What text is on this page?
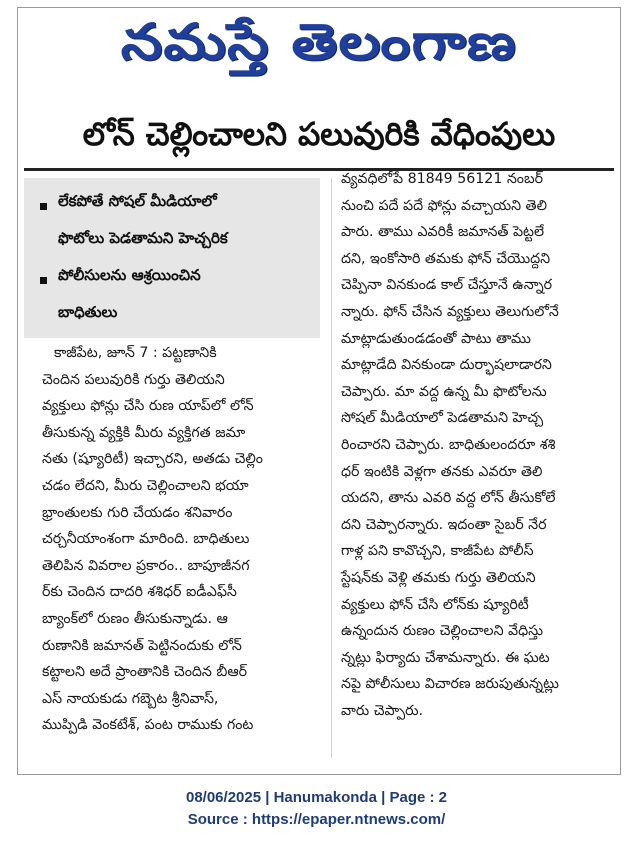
నమస్తే తెలంగాణ
లోన్ చెల్లించాలని పలువురికి వేధింపులు
లేకపోతే సోషల్ మీడియాలో
ఫొటోలు పెడతామని హెచ్చరిక
పోలీసులను ఆశ్రయించిన
బాధితులు
కాజీపేట, జూన్ 7 : పట్టణానికి
చెందిన పలువురికి గుర్తు తెలియని
వ్యక్తులు ఫోన్లు చేసి రుణ యాప్‌లో లోన్
తీసుకున్న వ్యక్తికి మీరు వ్యక్తిగత జమా
నతు (ష్యూరిటీ) ఇచ్చారని, అతడు చెల్లిం
చడం లేదని, మీరు చెల్లించాలని భయా
భ్రాంతులకు గురి చేయడం శనివారం
చర్చనీయాంశంగా మారింది. బాధితులు
తెలిపిన వివరాల ప్రకారం.. బాపూజీనగ
ర్‌కు చెందిన దాదరి శశిధర్ ఐడీఎఫ్‌సీ
బ్యాంక్‌లో రుణం తీసుకున్నాడు. ఆ
రుణానికి జమానత్ పెట్టినందుకు లోన్
కట్టాలని అదే ప్రాంతానికి చెందిన బీఆర్
ఎస్ నాయకుడు గబ్బెట శ్రీనివాస్,
ముప్పిడి వెంకటేశ్, పంట రాముకు గంట
వ్యవధిలోపే 81849 56121 నంబర్
నుంచి పదే పదే ఫోన్లు వచ్చాయని తెలి
పారు. తాము ఎవరికీ జమానత్ పెట్టలే
దని, ఇంకోసారి తమకు ఫోన్ చేయొద్దని
చెప్పినా వినకుండ కాల్ చేస్తూనే ఉన్నార
న్నారు. ఫోన్ చేసిన వ్యక్తులు తెలుగులోనే
మాట్లాడుతుండడంతో పాటు తాము
మాట్లాడేది వినకుండా దుర్భాషలాడారని
చెప్పారు. మా వద్ద ఉన్న మీ ఫొటోలను
సోషల్ మీడియాలో పెడతామని హెచ్చ
రించారని చెప్పారు. బాధితులందరూ శశి
ధర్ ఇంటికి వెళ్లగా తనకు ఎవరూ తెలి
యదని, తాను ఎవరి వద్ద లోన్ తీసుకోలే
దని చెప్పారన్నారు. ఇదంతా సైబర్ నేర
గాళ్ల పని కావొచ్చని, కాజీపేట పోలీస్
స్టేషన్‌కు వెళ్లి తమకు గుర్తు తెలియని
వ్యక్తులు ఫోన్ చేసి లోన్‌కు ష్యూరిటీ
ఉన్నందున రుణం చెల్లించాలని వేధిస్తు
న్నట్లు ఫిర్యాదు చేశామన్నారు. ఈ ఘట
నపై పోలీసులు విచారణ జరుపుతున్నట్లు
వారు చెప్పారు.
08/06/2025 | Hanumakonda | Page : 2
Source : https://epaper.ntnews.com/
